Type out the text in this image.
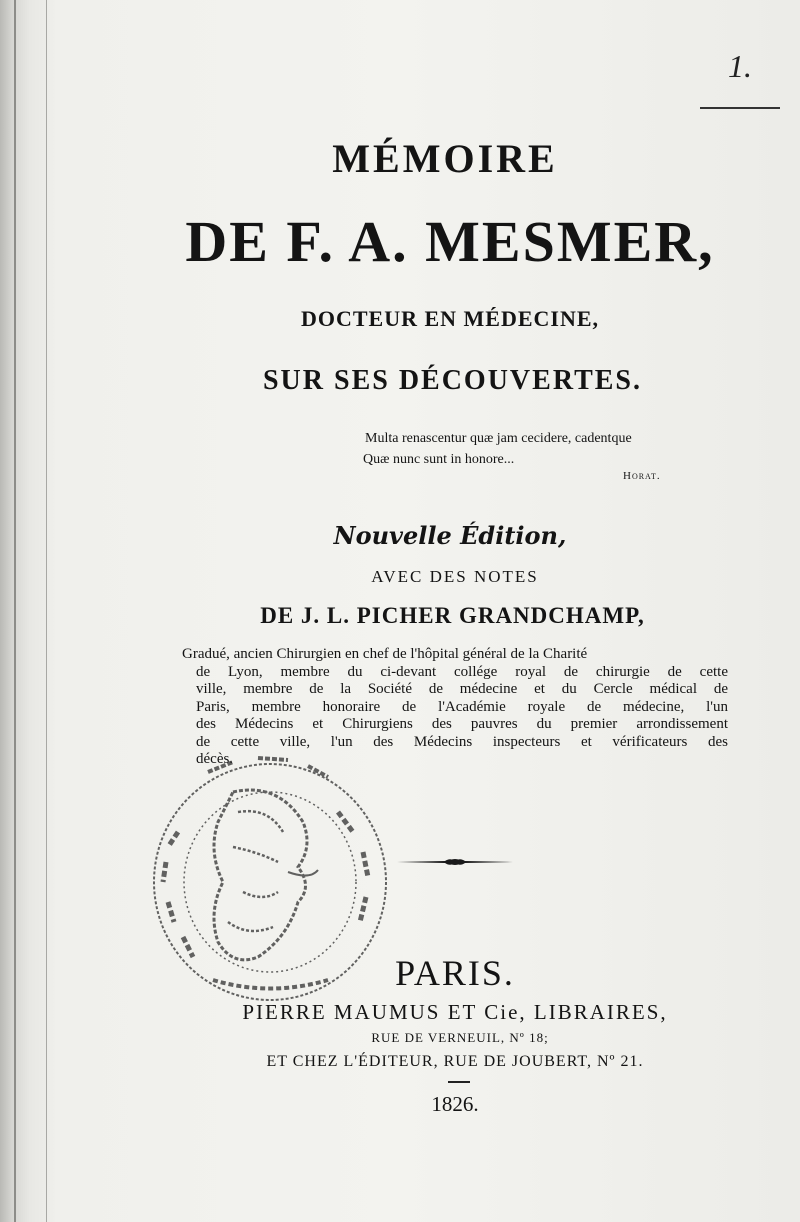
1.
MÉMOIRE
DE F. A. MESMER,
DOCTEUR EN MÉDECINE,
SUR SES DÉCOUVERTES.
Multa renascentur quæ jam cecidere, cadentque
Quæ nunc sunt in honore...
Horat.
Nouvelle Édition,
AVEC DES NOTES
DE J. L. PICHER GRANDCHAMP,
Gradué, ancien Chirurgien en chef de l'hôpital général de la Charité
de Lyon, membre du ci-devant collége royal de chirurgie de cette
ville, membre de la Société de médecine et du Cercle médical de
Paris, membre honoraire de l'Académie royale de médecine, l'un
des Médecins et Chirurgiens des pauvres du premier arrondissement
de cette ville, l'un des Médecins inspecteurs et vérificateurs des
décès.
PARIS.
PIERRE MAUMUS ET Cie, LIBRAIRES,
RUE DE VERNEUIL, Nº 18;
ET CHEZ L'ÉDITEUR, RUE DE JOUBERT, Nº 21.
1826.
